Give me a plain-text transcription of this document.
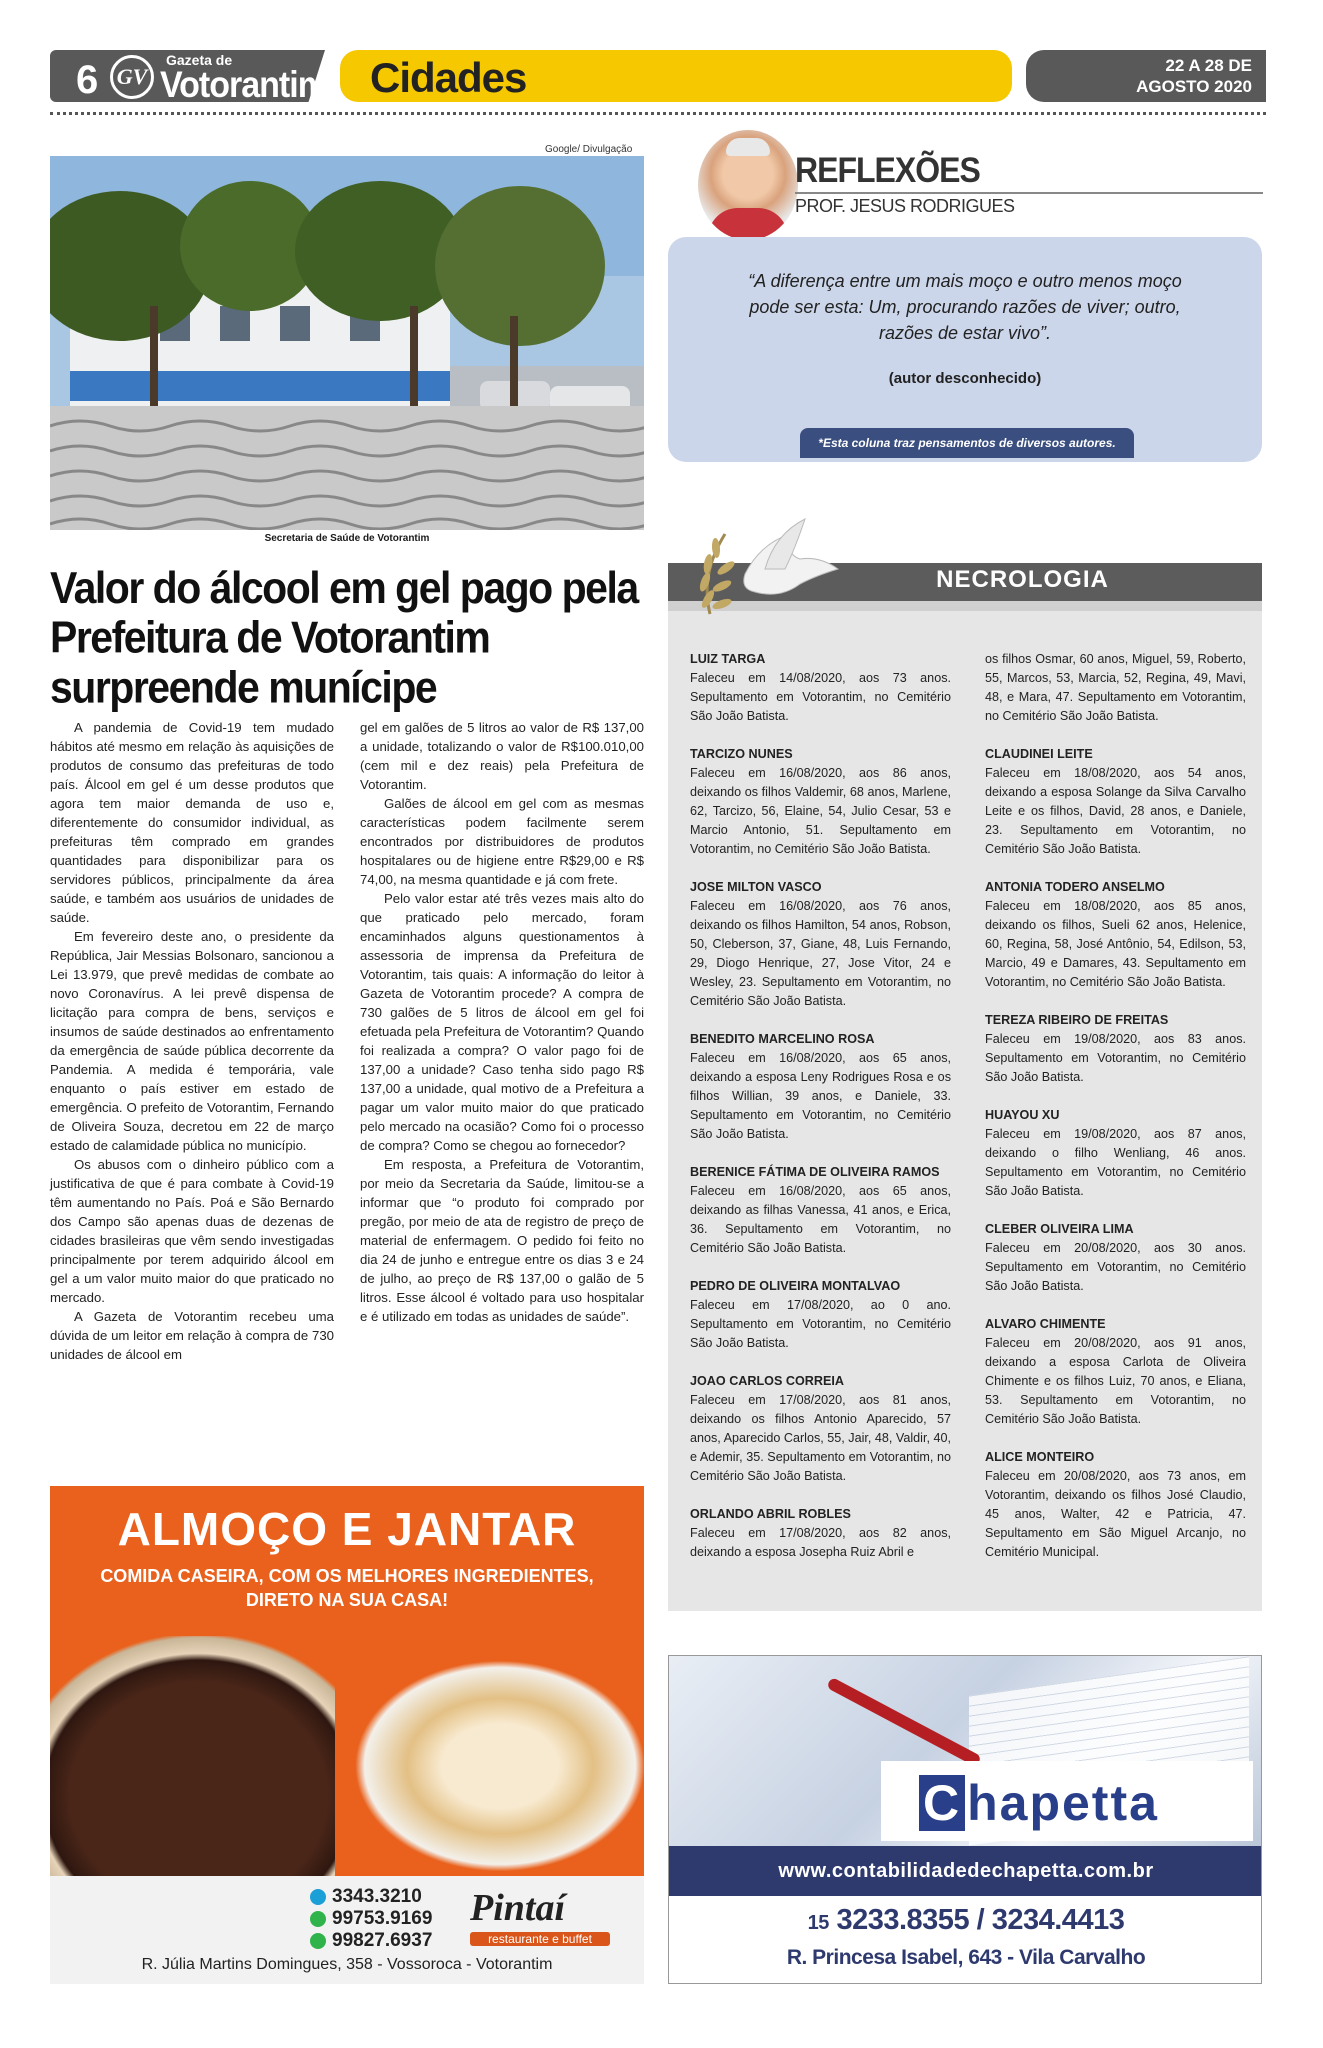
6 GV
Gazeta de
Votorantim Cidades	22 A 28 DE
AGOSTO 2020
Google/ Divulgação
Secretaria de Saúde de Votorantim
Valor do álcool em gel pago pela Prefeitura de Votorantim surpreende munícipe

A pandemia de Covid-19 tem mudado hábitos até mesmo em relação às aquisições de produtos de consumo das prefeituras de todo país. Álcool em gel é um desse produtos que agora tem maior demanda de uso e, diferentemente do consumidor individual, as prefeituras têm comprado em grandes quantidades para disponibilizar para os servidores públicos, principalmente da área saúde, e também aos usuários de unidades de saúde.

Em fevereiro deste ano, o presidente da República, Jair Messias Bolsonaro, sancionou a Lei 13.979, que prevê medidas de combate ao novo Coronavírus. A lei prevê dispensa de licitação para compra de bens, serviços e insumos de saúde destinados ao enfrentamento da emergência de saúde pública decorrente da Pandemia. A medida é temporária, vale enquanto o país estiver em estado de emergência. O prefeito de Votorantim, Fernando de Oliveira Souza, decretou em 22 de março estado de calamidade pública no município.

Os abusos com o dinheiro público com a justificativa de que é para combate à Covid-19 têm aumentando no País. Poá e São Bernardo dos Campo são apenas duas de dezenas de cidades brasileiras que vêm sendo investigadas principalmente por terem adquirido álcool em gel a um valor muito maior do que praticado no mercado.

A Gazeta de Votorantim recebeu uma dúvida de um leitor em relação à compra de 730 unidades de álcool em

gel em galões de 5 litros ao valor de R$ 137,00 a unidade, totalizando o valor de R$100.010,00 (cem mil e dez reais) pela Prefeitura de Votorantim.

Galões de álcool em gel com as mesmas características podem facilmente serem encontrados por distribuidores de produtos hospitalares ou de higiene entre R$29,00 e R$ 74,00, na mesma quantidade e já com frete.

Pelo valor estar até três vezes mais alto do que praticado pelo mercado, foram encaminhados alguns questionamentos à assessoria de imprensa da Prefeitura de Votorantim, tais quais: A informação do leitor à Gazeta de Votorantim procede? A compra de 730 galões de 5 litros de álcool em gel foi efetuada pela Prefeitura de Votorantim? Quando foi realizada a compra? O valor pago foi de 137,00 a unidade? Caso tenha sido pago R$ 137,00 a unidade, qual motivo de a Prefeitura a pagar um valor muito maior do que praticado pelo mercado na ocasião? Como foi o processo de compra? Como se chegou ao fornecedor?

Em resposta, a Prefeitura de Votorantim, por meio da Secretaria da Saúde, limitou-se a informar que “o produto foi comprado por pregão, por meio de ata de registro de preço de material de enfermagem. O pedido foi feito no dia 24 de junho e entregue entre os dias 3 e 24 de julho, ao preço de R$ 137,00 o galão de 5 litros. Esse álcool é voltado para uso hospitalar e é utilizado em todas as unidades de saúde”.

REFLEXÕES
PROF. JESUS RODRIGUES
“A diferença entre um mais moço e outro menos moço pode ser esta: Um, procurando razões de viver; outro, razões de estar vivo”.
(autor desconhecido)
*Esta coluna traz pensamentos de diversos autores.
NECROLOGIA
LUIZ TARGA
Faleceu em 14/08/2020, aos 73 anos. Sepultamento em Votorantim, no Cemitério São João Batista.
TARCIZO NUNES
Faleceu em 16/08/2020, aos 86 anos, deixando os filhos Valdemir, 68 anos, Marlene, 62, Tarcizo, 56, Elaine, 54, Julio Cesar, 53 e Marcio Antonio, 51. Sepultamento em Votorantim, no Cemitério São João Batista.
JOSE MILTON VASCO
Faleceu em 16/08/2020, aos 76 anos, deixando os filhos Hamilton, 54 anos, Robson, 50, Cleberson, 37, Giane, 48, Luis Fernando, 29, Diogo Henrique, 27, Jose Vitor, 24 e Wesley, 23. Sepultamento em Votorantim, no Cemitério São João Batista.
BENEDITO MARCELINO ROSA
Faleceu em 16/08/2020, aos 65 anos, deixando a esposa Leny Rodrigues Rosa e os filhos Willian, 39 anos, e Daniele, 33. Sepultamento em Votorantim, no Cemitério São João Batista.
BERENICE FÁTIMA DE OLIVEIRA RAMOS
Faleceu em 16/08/2020, aos 65 anos, deixando as filhas Vanessa, 41 anos, e Erica, 36. Sepultamento em Votorantim, no Cemitério São João Batista.
PEDRO DE OLIVEIRA MONTALVAO
Faleceu em 17/08/2020, ao 0 ano. Sepultamento em Votorantim, no Cemitério São João Batista.
JOAO CARLOS CORREIA
Faleceu em 17/08/2020, aos 81 anos, deixando os filhos Antonio Aparecido, 57 anos, Aparecido Carlos, 55, Jair, 48, Valdir, 40, e Ademir, 35. Sepultamento em Votorantim, no Cemitério São João Batista.
ORLANDO ABRIL ROBLES
Faleceu em 17/08/2020, aos 82 anos, deixando a esposa Josepha Ruiz Abril e
os filhos Osmar, 60 anos, Miguel, 59, Roberto, 55, Marcos, 53, Marcia, 52, Regina, 49, Mavi, 48, e Mara, 47. Sepultamento em Votorantim, no Cemitério São João Batista.
CLAUDINEI LEITE
Faleceu em 18/08/2020, aos 54 anos, deixando a esposa Solange da Silva Carvalho Leite e os filhos, David, 28 anos, e Daniele, 23. Sepultamento em Votorantim, no Cemitério São João Batista.
ANTONIA TODERO ANSELMO
Faleceu em 18/08/2020, aos 85 anos, deixando os filhos, Sueli 62 anos, Helenice, 60, Regina, 58, José Antônio, 54, Edilson, 53, Marcio, 49 e Damares, 43. Sepultamento em Votorantim, no Cemitério São João Batista.
TEREZA RIBEIRO DE FREITAS
Faleceu em 19/08/2020, aos 83 anos. Sepultamento em Votorantim, no Cemitério São João Batista.
HUAYOU XU
Faleceu em 19/08/2020, aos 87 anos, deixando o filho Wenliang, 46 anos. Sepultamento em Votorantim, no Cemitério São João Batista.
CLEBER OLIVEIRA LIMA
Faleceu em 20/08/2020, aos 30 anos. Sepultamento em Votorantim, no Cemitério São João Batista.
ALVARO CHIMENTE
Faleceu em 20/08/2020, aos 91 anos, deixando a esposa Carlota de Oliveira Chimente e os filhos Luiz, 70 anos, e Eliana, 53. Sepultamento em Votorantim, no Cemitério São João Batista.
ALICE MONTEIRO
Faleceu em 20/08/2020, aos 73 anos, em Votorantim, deixando os filhos José Claudio, 45 anos, Walter, 42 e Patricia, 47. Sepultamento em São Miguel Arcanjo, no Cemitério Municipal.
ALMOÇO E JANTAR
COMIDA CASEIRA, COM OS MELHORES INGREDIENTES,
DIRETO NA SUA CASA!
3343.3210
99753.9169
99827.6937
Pintaí
restaurante e buffet
R. Júlia Martins Domingues, 358 - Vossoroca - Votorantim
C hapetta
www.contabilidadedechapetta.com.br
15 3233.8355 / 3234.4413
R. Princesa Isabel, 643 - Vila Carvalho
